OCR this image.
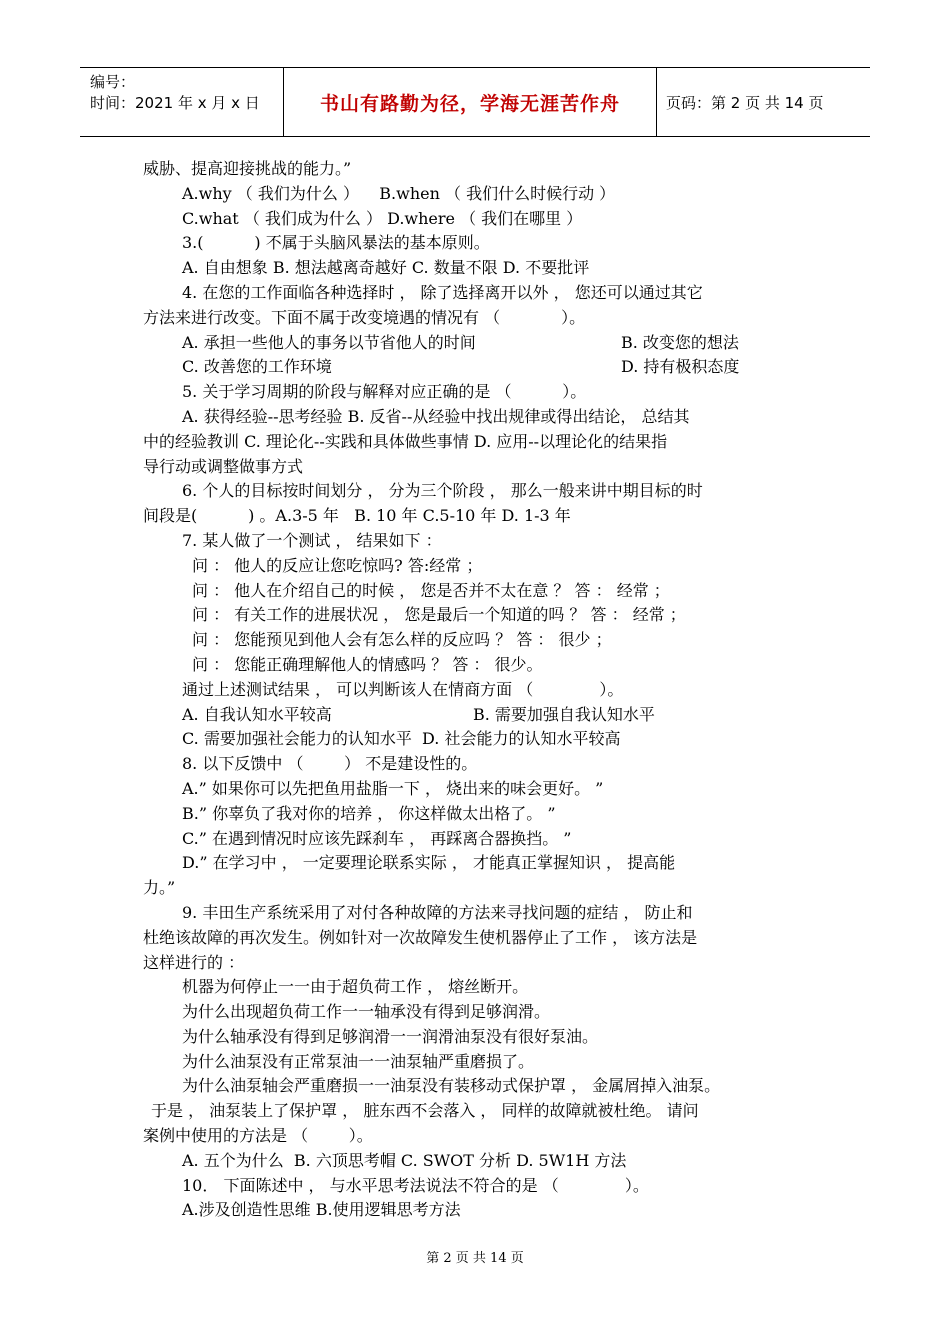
编号：
时间：2021 年 x 月 x 日	书山有路勤为径，学海无涯苦作舟	页码：第 2 页 共 14 页
威胁、提高迎接挑战的能力。”
A.why （ 我们为什么 ）    B.when （ 我们什么时候行动 ）
C.what （ 我们成为什么 ） D.where （ 我们在哪里 ）
3.(          ) 不属于头脑风暴法的基本原则。
A. 自由想象 B. 想法越离奇越好 C. 数量不限 D. 不要批评
4. 在您的工作面临各种选择时 ， 除了选择离开以外 ， 您还可以通过其它
方法来进行改变。下面不属于改变境遇的情况有 （            ）。
A. 承担一些他人的事务以节省他人的时间	B. 改变您的想法
C. 改善您的工作环境	D. 持有极积态度
5. 关于学习周期的阶段与解释对应正确的是 （          ）。
A. 获得经验--思考经验 B. 反省--从经验中找出规律或得出结论， 总结其
中的经验教训 C. 理论化--实践和具体做些事情 D. 应用--以理论化的结果指
导行动或调整做事方式
6. 个人的目标按时间划分 ， 分为三个阶段 ， 那么一般来讲中期目标的时
间段是(          ) 。A.3-5 年   B. 10 年 C.5-10 年 D. 1-3 年
7. 某人做了一个测试 ， 结果如下 ：
问 ： 他人的反应让您吃惊吗? 答:经常 ；
问 ： 他人在介绍自己的时候 ， 您是否并不太在意 ？ 答 ： 经常 ；
问 ： 有关工作的进展状况 ， 您是最后一个知道的吗 ？ 答 ： 经常 ；
问 ： 您能预见到他人会有怎么样的反应吗 ？ 答 ： 很少 ；
问 ： 您能正确理解他人的情感吗 ？ 答 ： 很少。
通过上述测试结果 ， 可以判断该人在情商方面 （             ）。
A. 自我认知水平较高	B. 需要加强自我认知水平
C. 需要加强社会能力的认知水平  D. 社会能力的认知水平较高
8. 以下反馈中 （        ） 不是建设性的。
A.” 如果你可以先把鱼用盐脂一下 ， 烧出来的味会更好。 ”
B.” 你辜负了我对你的培养 ， 你这样做太出格了。 ”
C.” 在遇到情况时应该先踩刹车 ， 再踩离合器换挡。 ”
D.” 在学习中 ， 一定要理论联系实际 ， 才能真正掌握知识 ， 提高能
力。”
9. 丰田生产系统采用了对付各种故障的方法来寻找问题的症结 ， 防止和
杜绝该故障的再次发生。例如针对一次故障发生使机器停止了工作 ， 该方法是
这样进行的 ：
机器为何停止一一由于超负荷工作 ， 熔丝断开。
为什么出现超负荷工作一一轴承没有得到足够润滑。
为什么轴承没有得到足够润滑一一润滑油泵没有很好泵油。
为什么油泵没有正常泵油一一油泵轴严重磨损了。
为什么油泵轴会严重磨损一一油泵没有装移动式保护罩 ， 金属屑掉入油泵。
于是 ， 油泵装上了保护罩 ， 脏东西不会落入 ， 同样的故障就被杜绝。 请问
案例中使用的方法是 （        ）。
A. 五个为什么  B. 六顶思考帽 C. SWOT 分析 D. 5W1H 方法
10． 下面陈述中 ， 与水平思考法说法不符合的是 （             ）。
A.涉及创造性思维 B.使用逻辑思考方法
第 2 页 共 14 页
